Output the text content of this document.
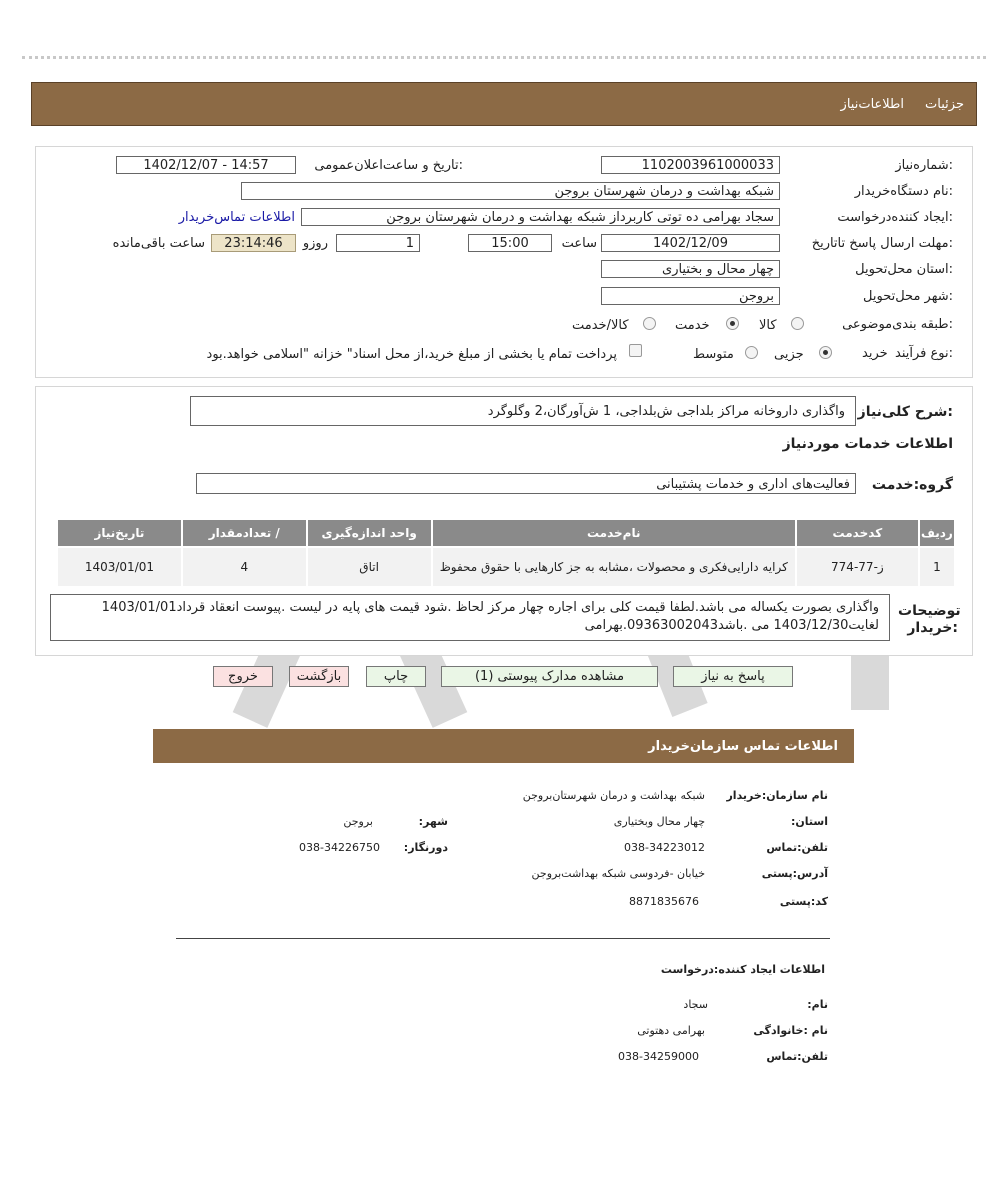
جزئیات
اطلاعات‌نیاز
شماره‌نیاز:
1102003961000033
تاریخ و ساعت‌اعلان‌عمومی:
1402/12/07 - 14:57
نام دستگاه‌خریدار:
شبکه بهداشت و درمان شهرستان بروجن
ایجاد کننده‌درخواست:
سجاد بهرامی ده توتی کاربرداز شبکه بهداشت و درمان شهرستان بروجن
اطلاعات تماس‌خریدار
مهلت ارسال پاسخ تا‌تاریخ:
1402/12/09
ساعت
15:00
1
روزو
23:14:46
ساعت باقی‌مانده
استان محل‌تحویل:
چهار محال و بختیاری
شهر محل‌تحویل:
بروجن
طبقه بندی‌موضوعی:
کالا
خدمت
کالا/خدمت
نوع فرآیند:
خرید
جزیی
متوسط
پرداخت تمام یا بخشی از مبلغ خرید،از محل اسناد" خزانه "اسلامی خواهد.بود
شرح کلی‌نیاز:
واگذاری داروخانه مراکز بلداجی ش‌بلداجی، 1 ش‌آورگان،2 وگلوگرد
اطلاعات خدمات موردنیاز
گروه:خدمت
فعالیت‌های اداری و خدمات پشتیبانی
ردیف	کدخدمت	نام‌خدمت	واحد اندازه‌گیری	/ تعدادمقدار	تاریخ‌نیاز
1	ز-77-774	کرایه دارایی‌فکری و محصولات ،مشابه به جز کارهایی با حقوق محفوظ	اتاق	4	1403/01/01
توضیحات خریدار:
واگذاری بصورت یکساله می باشد.لطفا قیمت کلی برای اجاره چهار مرکز لحاظ .شود قیمت های پایه در لیست .پیوست انعقاد قرداد1403/01/01 لغایت1403/12/30 می .باشد09363002043.بهرامی
پاسخ به نیاز
مشاهده مدارک پیوستی (1)
چاپ
بازگشت
خروج
اطلاعات تماس سازمان‌خریدار
نام سازمان:خریدار
شبکه بهداشت و درمان شهرستان‌بروجن
:استان
چهار محال وبختیاری
:شهر
بروجن
تلفن:تماس
038-34223012
:دورنگار
038-34226750
آدرس:پستی
خیابان -فردوسی شبکه بهداشت‌بروجن
کد:پستی
8871835676
اطلاعات ایجاد کننده:درخواست
:نام
سجاد
نام :خانوادگی
بهرامی دهتوتی
تلفن:تماس
038-34259000
